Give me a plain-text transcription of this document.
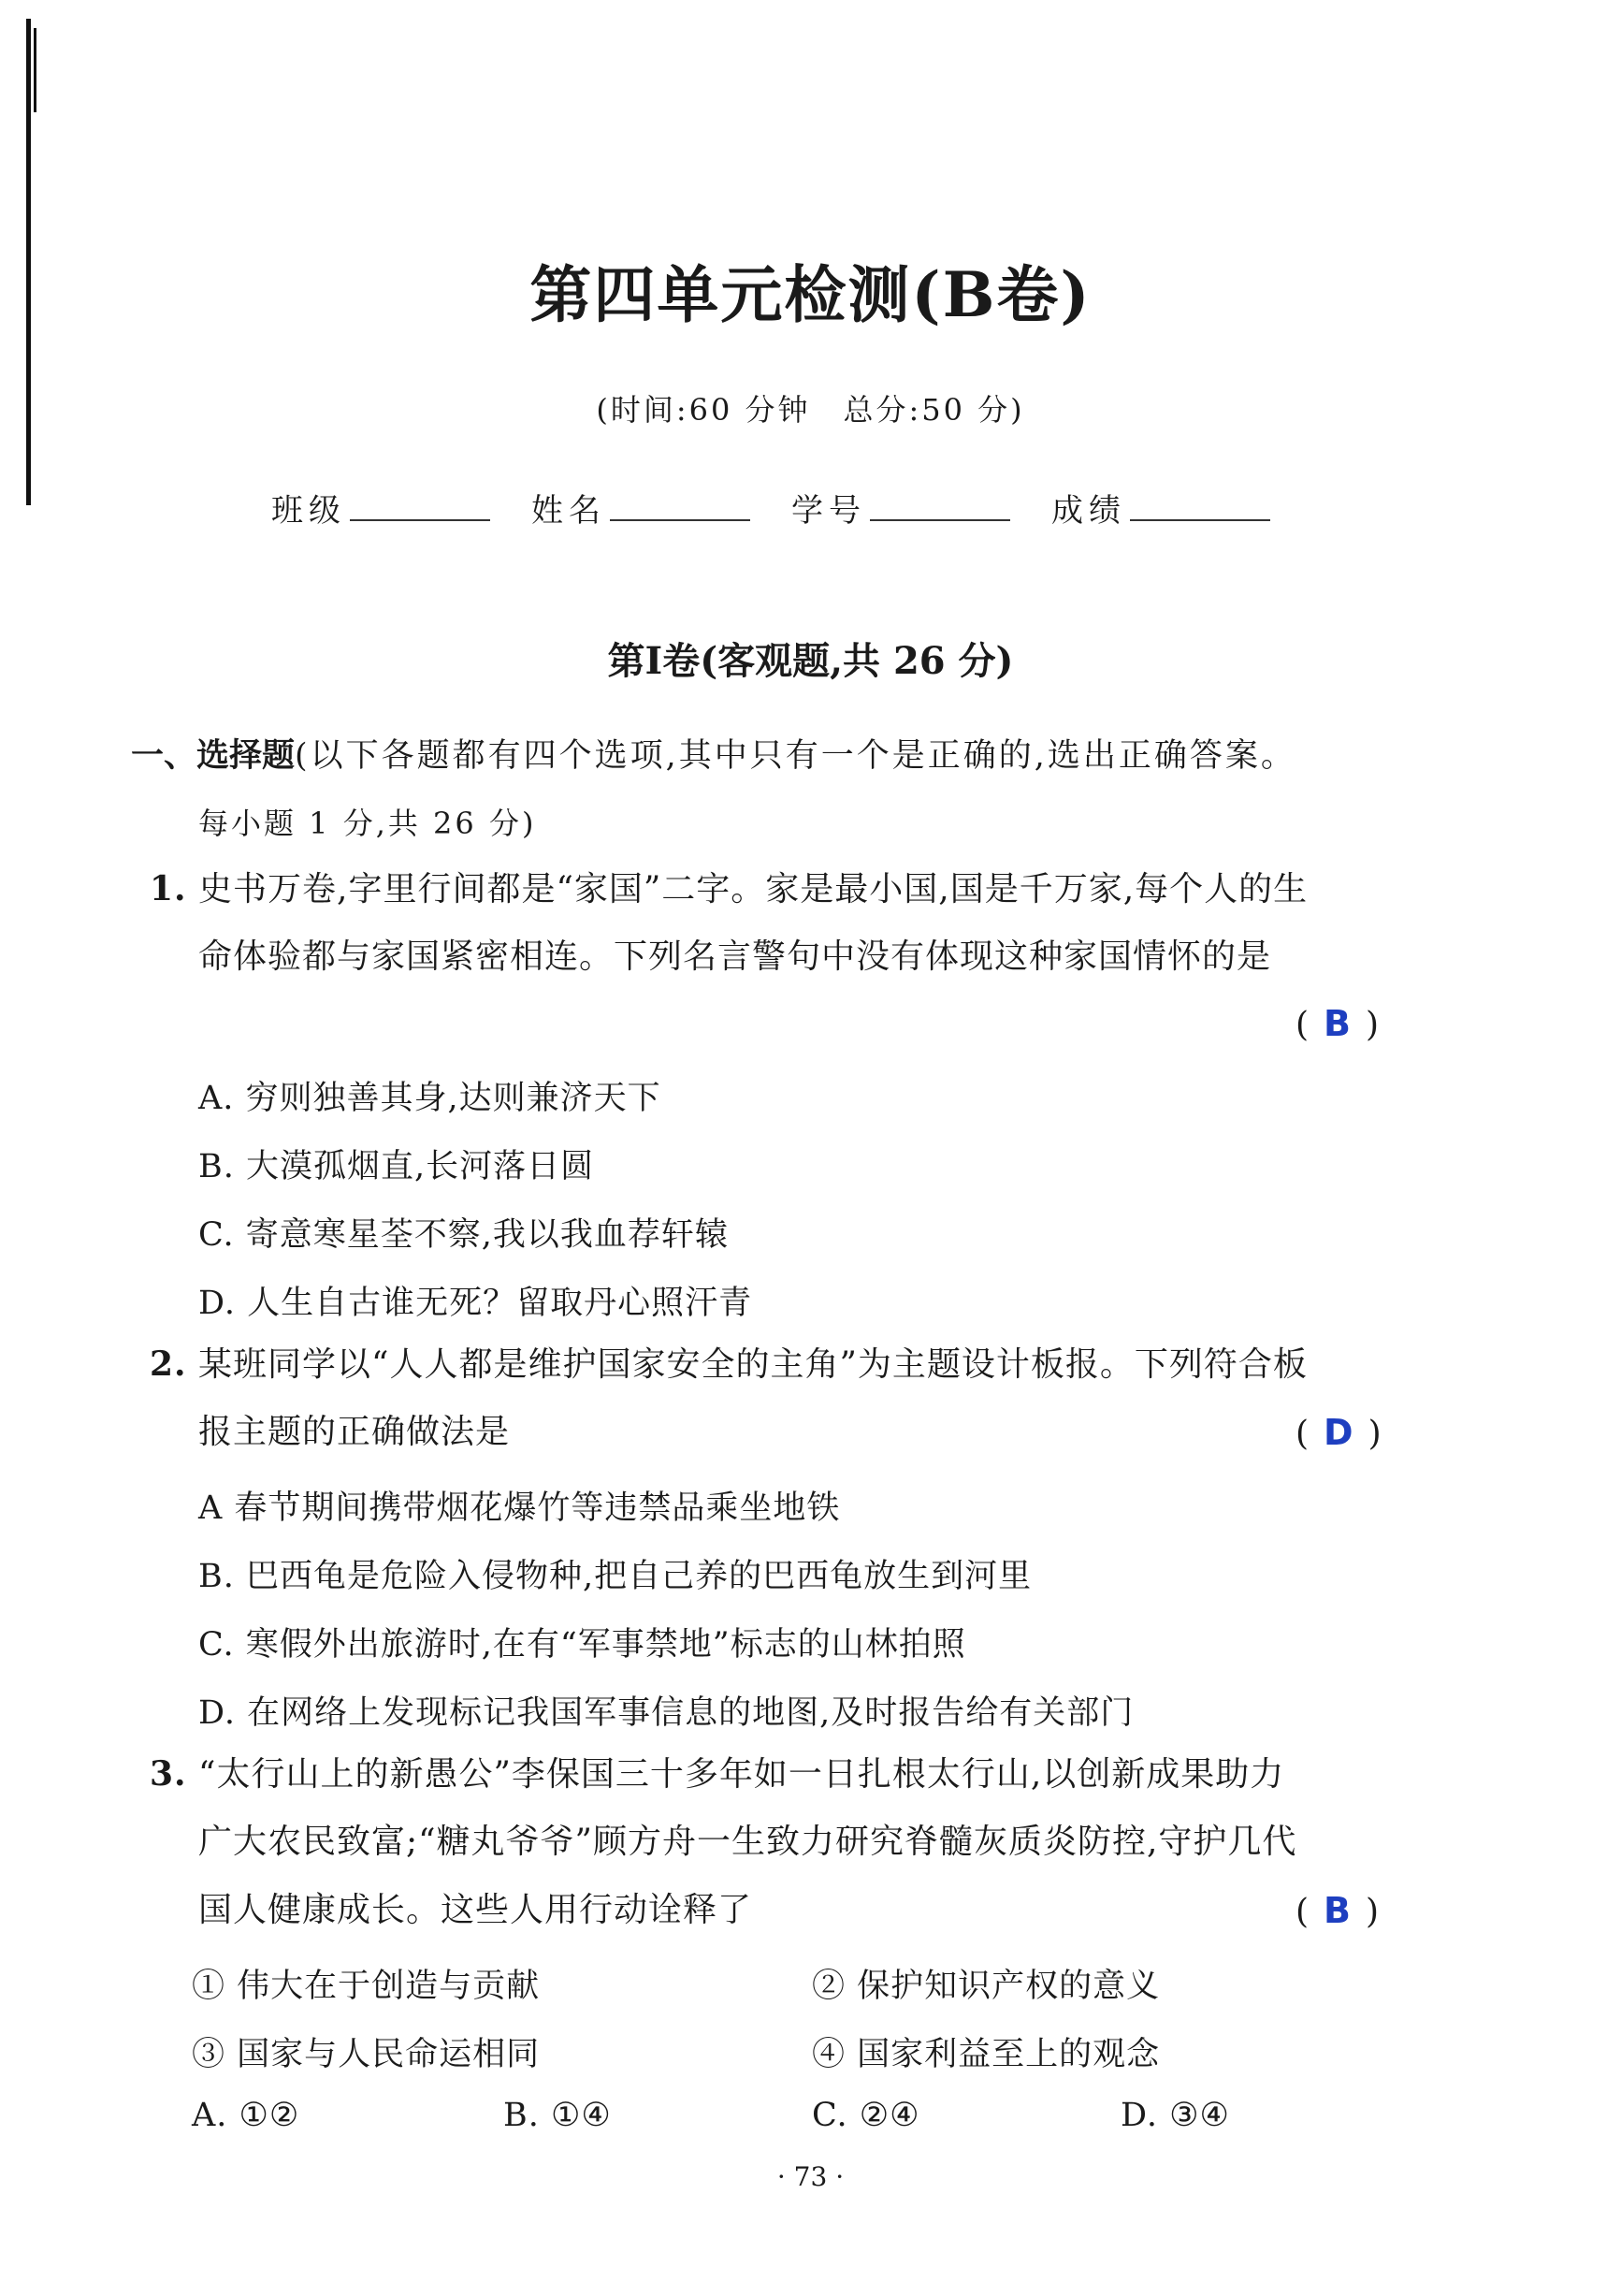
第四单元检测(B卷)
(时间:60 分钟　总分:50 分)
班级	姓名	学号	成绩
第Ⅰ卷(客观题,共 26 分)
一、选择题(以下各题都有四个选项,其中只有一个是正确的,选出正确答案。
每小题 1 分,共 26 分)
1. 史书万卷,字里行间都是“家国”二字。家是最小国,国是千万家,每个人的生
命体验都与家国紧密相连。下列名言警句中没有体现这种家国情怀的是
( B )
A. 穷则独善其身,达则兼济天下
B. 大漠孤烟直,长河落日圆
C. 寄意寒星荃不察,我以我血荐轩辕
D. 人生自古谁无死？留取丹心照汗青
2. 某班同学以“人人都是维护国家安全的主角”为主题设计板报。下列符合板
报主题的正确做法是	( D )
A 春节期间携带烟花爆竹等违禁品乘坐地铁
B. 巴西龟是危险入侵物种,把自己养的巴西龟放生到河里
C. 寒假外出旅游时,在有“军事禁地”标志的山林拍照
D. 在网络上发现标记我国军事信息的地图,及时报告给有关部门
3. “太行山上的新愚公”李保国三十多年如一日扎根太行山,以创新成果助力
广大农民致富;“糖丸爷爷”顾方舟一生致力研究脊髓灰质炎防控,守护几代
国人健康成长。这些人用行动诠释了	( B )
① 伟大在于创造与贡献	② 保护知识产权的意义
③ 国家与人民命运相同	④ 国家利益至上的观念
A. ①②	B. ①④	C. ②④	D. ③④
· 73 ·
